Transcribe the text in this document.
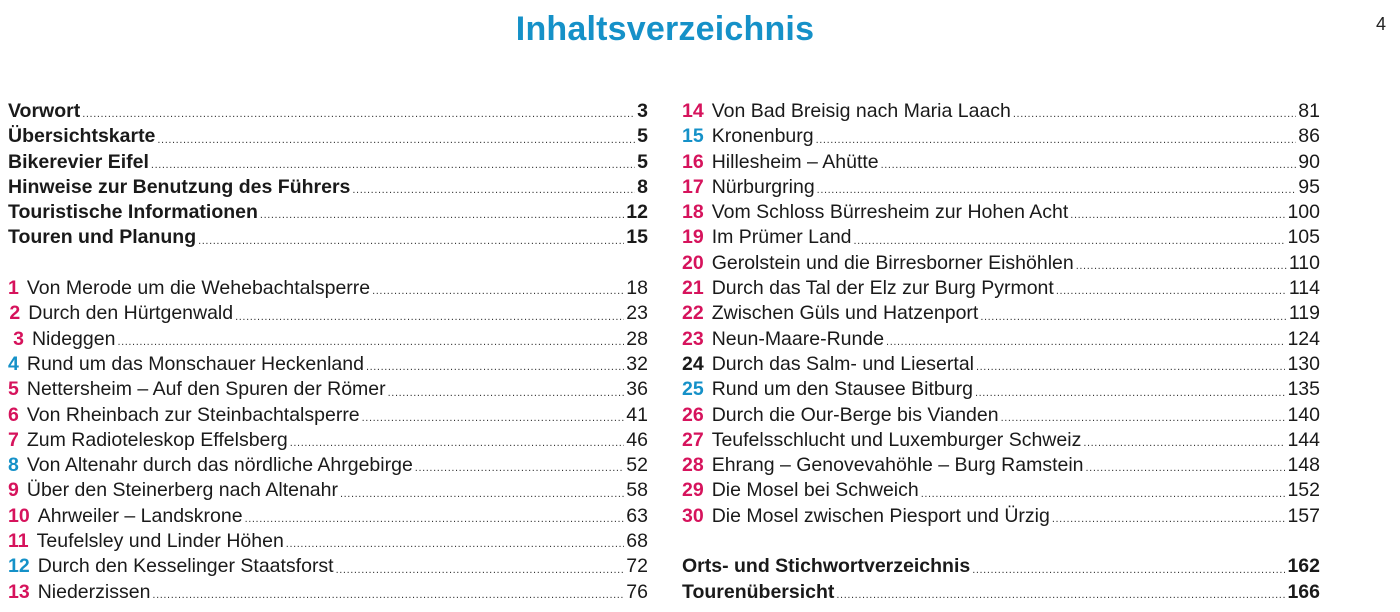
Inhaltsverzeichnis	4
Vorwort .....	3
Übersichtskarte .....	5
Bikerevier Eifel .....	5
Hinweise zur Benutzung des Führers .....	8
Touristische Informationen .....	12
Touren und Planung .....	15
1 Von Merode um die Wehebachtalsperre .....	18
2 Durch den Hürtgenwald .....	23
3 Nideggen .....	28
4 Rund um das Monschauer Heckenland .....	32
5 Nettersheim – Auf den Spuren der Römer .....	36
6 Von Rheinbach zur Steinbachtalsperre .....	41
7 Zum Radioteleskop Effelsberg .....	46
8 Von Altenahr durch das nördliche Ahrgebirge .....	52
9 Über den Steinerberg nach Altenahr .....	58
10 Ahrweiler – Landskrone .....	63
11 Teufelsley und Linder Höhen .....	68
12 Durch den Kesselinger Staatsforst .....	72
13 Niederzissen .....	76
14 Von Bad Breisig nach Maria Laach .....	81
15 Kronenburg .....	86
16 Hillesheim – Ahütte .....	90
17 Nürburgring .....	95
18 Vom Schloss Bürresheim zur Hohen Acht .....	100
19 Im Prümer Land .....	105
20 Gerolstein und die Birresborner Eishöhlen .....	110
21 Durch das Tal der Elz zur Burg Pyrmont .....	114
22 Zwischen Güls und Hatzenport .....	119
23 Neun-Maare-Runde .....	124
24 Durch das Salm- und Liesertal .....	130
25 Rund um den Stausee Bitburg .....	135
26 Durch die Our-Berge bis Vianden .....	140
27 Teufelsschlucht und Luxemburger Schweiz .....	144
28 Ehrang – Genovevahöhle – Burg Ramstein .....	148
29 Die Mosel bei Schweich .....	152
30 Die Mosel zwischen Piesport und Ürzig .....	157
Orts- und Stichwortverzeichnis .....	162
Tourenübersicht .....	166
